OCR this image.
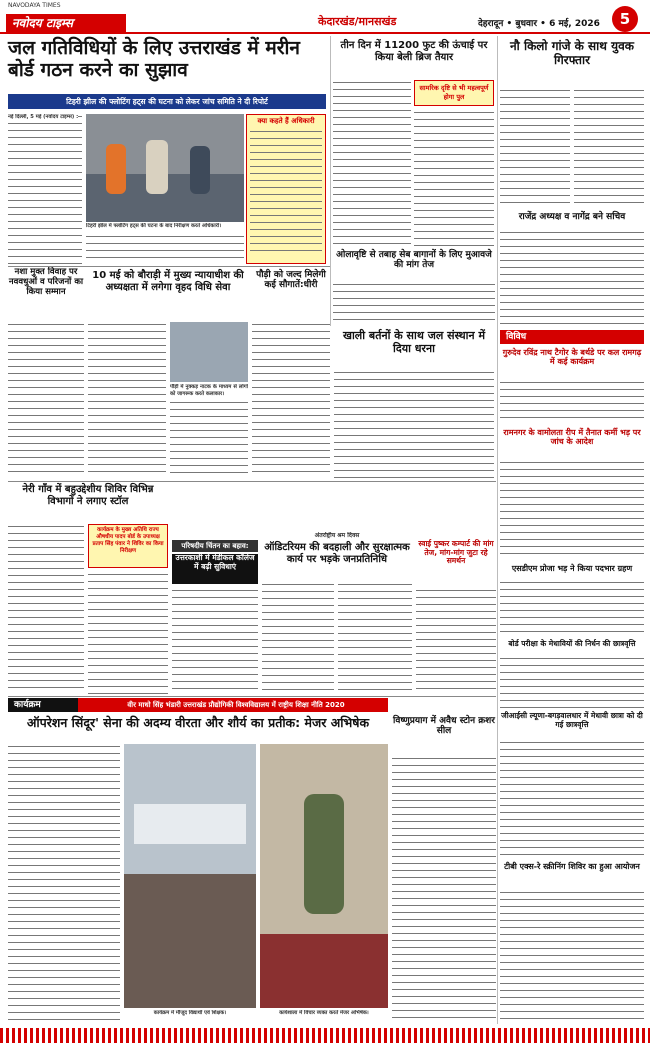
NAVODAYA TIMES
नवोदय टाइम्स	केदारखंड/मानसखंड	देहरादून • बुधवार • 6 मई, 2026	5
जल गतिविधियों के लिए उत्तराखंड में मरीन बोर्ड गठन करने का सुझाव
टिहरी झील की फ्लोटिंग हट्स की घटना को लेकर जांच समिति ने दी रिपोर्ट
नई दिल्ली, 5 मई (नवोदय टाइम्स) :
टिहरी झील में फ्लोटिंग हट्स की घटना के बाद निरीक्षण करते अधिकारी।
क्या कहते हैं अधिकारी
तीन दिन में 11200 फुट की ऊंचाई पर किया बेली ब्रिज तैयार
सामरिक दृष्टि से भी महत्वपूर्ण होगा पुल
नौ किलो गांजे के साथ युवक गिरफ्तार
राजेंद्र अध्यक्ष व नागेंद्र बने सचिव
ओलावृष्टि से तबाह सेब बागानों के लिए मुआवजे की मांग तेज
नशा मुक्त विवाह पर नववधुओं व परिजनों का किया सम्मान
10 मई को बौराड़ी में मुख्य न्यायाधीश की अध्यक्षता में लगेगा वृहद विधि सेवा
पौड़ी में नुक्कड़ नाटक के माध्यम से लोगों को जागरूक करते कलाकार।
पौड़ी को जल्द मिलेगी कई सौगातें:धीरी
खाली बर्तनों के साथ जल संस्थान में दिया धरना
विविध
गुरुदेव रविंद्र नाथ टैगोर के बर्थडे पर कल रामगढ़ में कई कार्यक्रम
रामनगर के वामोलता रीप में तैनात कर्मी भड़ पर जांच के आदेश
नेरी गाँव में बहुउद्देशीय शिविर विभिन्न विभागों ने लगाए स्टॉल
कार्यक्रम के मुख्य अतिथि राज्य औषधीय पादप बोर्ड के उपाध्यक्ष प्रताप सिंह पंवार ने शिविर का किया निरीक्षण
परिषदीय चिंतन का बहाव:
उत्तरकाशी में मेडीकल कॉलेज में बढ़ी सुविधाएं
अंतर्राष्ट्रीय श्रम दिवस
ऑडिटरियम की बदहाली और सुरक्षात्मक कार्य पर भड़के जनप्रतिनिधि
स्वाई पुष्कर कम्पार्ट की मांग तेज, मांग-मांग जुटा रहे समर्थन
एसडीएम प्रोजा भड़ ने किया पदभार ग्रहण
बोर्ड परीक्षा के मेधावियों की निर्धन की छात्रवृत्ति
जीआईसी ल्यूणा-बगड़वालधार में मेधावी छात्रा को दी गई छात्रवृत्ति
टीबी एक्स-रे स्क्रीनिंग शिविर का हुआ आयोजन
कार्यक्रम	वीर माधो सिंह भंडारी उत्तराखंड प्रौद्योगिकी विश्वविद्यालय में राष्ट्रीय शिक्षा नीति 2020
ऑपरेशन सिंदूर' सेना की अदम्य वीरता और शौर्य का प्रतीक: मेजर अभिषेक
कार्यक्रम में मौजूद विद्यार्थी एवं शिक्षक।	कार्यशाला में विचार व्यक्त करते मेजर अभिषेक।
विष्णुप्रयाग में अवैध स्टोन क्रशर सील
